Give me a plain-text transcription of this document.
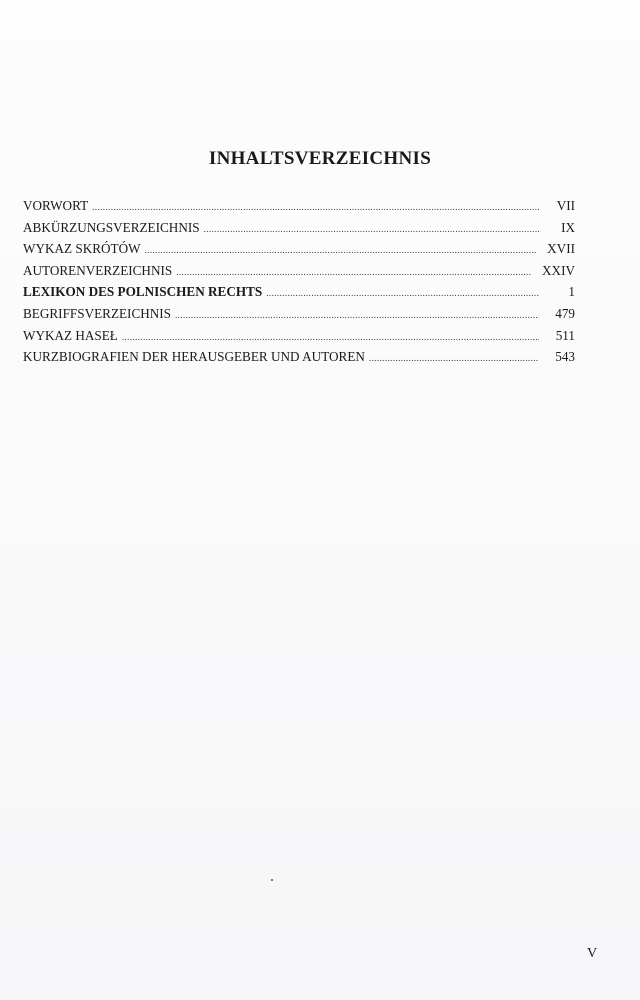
INHALTSVERZEICHNIS
VORWORT .....	VII
ABKÜRZUNGSVERZEICHNIS .....	IX
WYKAZ SKRÓTÓW .....	XVII
AUTORENVERZEICHNIS .....	XXIV
LEXIKON DES POLNISCHEN RECHTS .....	1
BEGRIFFSVERZEICHNIS .....	479
WYKAZ HASEŁ .....	511
KURZBIOGRAFIEN DER HERAUSGEBER UND AUTOREN .....	543
V
